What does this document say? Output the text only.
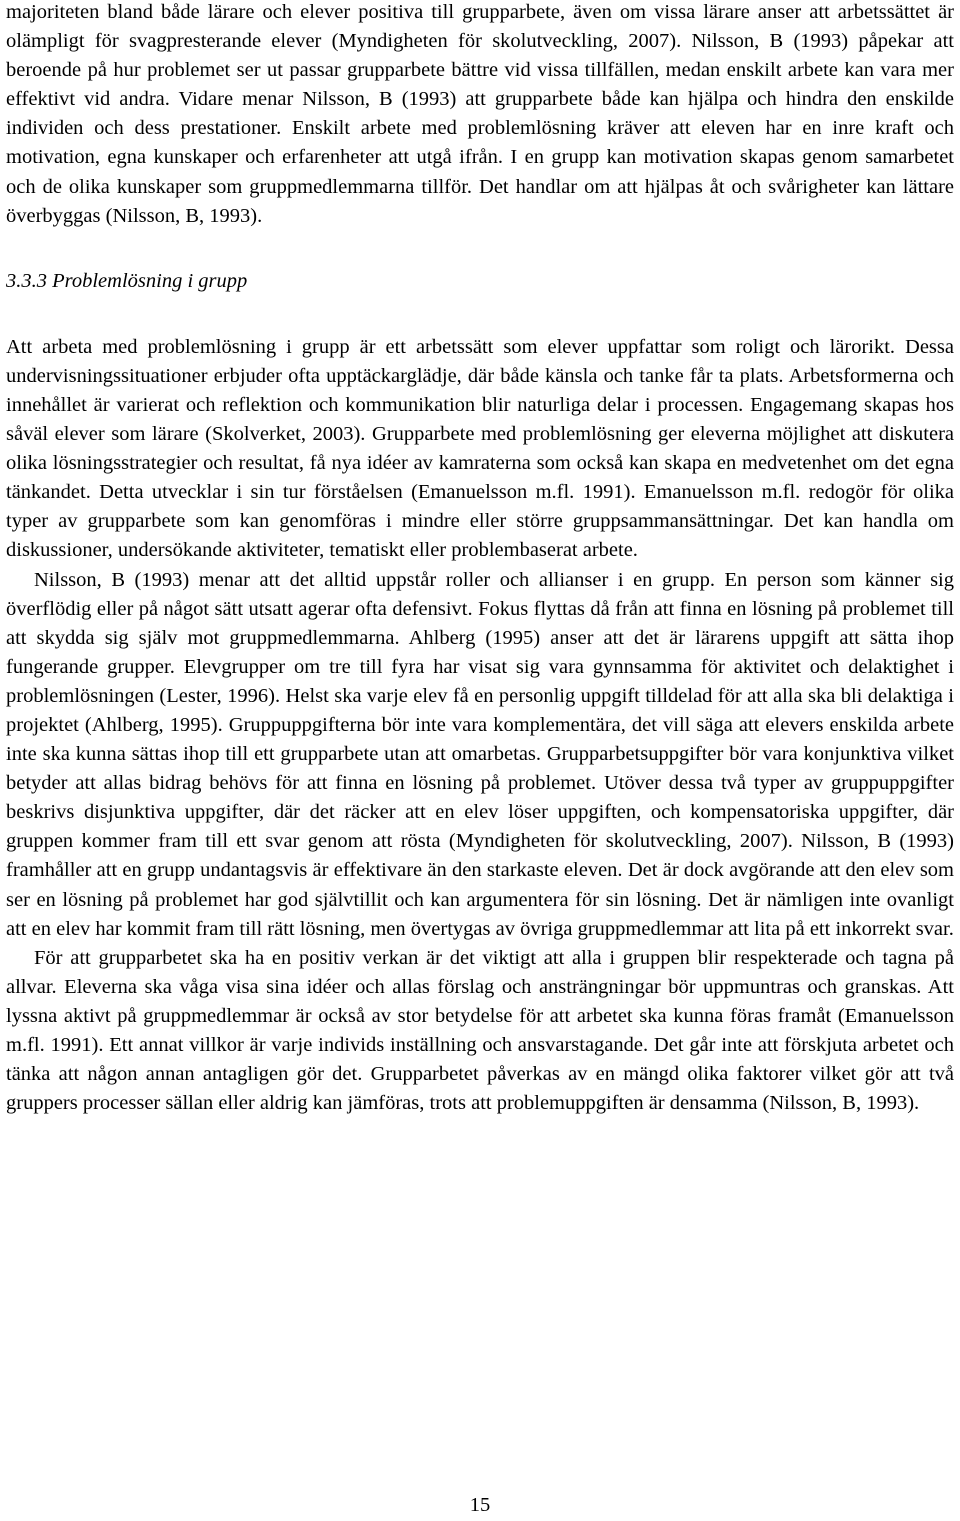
majoriteten bland både lärare och elever positiva till grupparbete, även om vissa lärare anser att arbetssättet är olämpligt för svagpresterande elever (Myndigheten för skolutveckling, 2007). Nilsson, B (1993) påpekar att beroende på hur problemet ser ut passar grupparbete bättre vid vissa tillfällen, medan enskilt arbete kan vara mer effektivt vid andra. Vidare menar Nilsson, B (1993) att grupparbete både kan hjälpa och hindra den enskilde individen och dess prestationer. Enskilt arbete med problemlösning kräver att eleven har en inre kraft och motivation, egna kunskaper och erfarenheter att utgå ifrån. I en grupp kan motivation skapas genom samarbetet och de olika kunskaper som gruppmedlemmarna tillför. Det handlar om att hjälpas åt och svårigheter kan lättare överbyggas (Nilsson, B, 1993).

3.3.3 Problemlösning i grupp

Att arbeta med problemlösning i grupp är ett arbetssätt som elever uppfattar som roligt och lärorikt. Dessa undervisningssituationer erbjuder ofta upptäckarglädje, där både känsla och tanke får ta plats. Arbetsformerna och innehållet är varierat och reflektion och kommunikation blir naturliga delar i processen. Engagemang skapas hos såväl elever som lärare (Skolverket, 2003). Grupparbete med problemlösning ger eleverna möjlighet att diskutera olika lösningsstrategier och resultat, få nya idéer av kamraterna som också kan skapa en medvetenhet om det egna tänkandet. Detta utvecklar i sin tur förståelsen (Emanuelsson m.fl. 1991). Emanuelsson m.fl. redogör för olika typer av grupparbete som kan genomföras i mindre eller större gruppsammansättningar. Det kan handla om diskussioner, undersökande aktiviteter, tematiskt eller problembaserat arbete.

Nilsson, B (1993) menar att det alltid uppstår roller och allianser i en grupp. En person som känner sig överflödig eller på något sätt utsatt agerar ofta defensivt. Fokus flyttas då från att finna en lösning på problemet till att skydda sig själv mot gruppmedlemmarna. Ahlberg (1995) anser att det är lärarens uppgift att sätta ihop fungerande grupper. Elevgrupper om tre till fyra har visat sig vara gynnsamma för aktivitet och delaktighet i problemlösningen (Lester, 1996). Helst ska varje elev få en personlig uppgift tilldelad för att alla ska bli delaktiga i projektet (Ahlberg, 1995). Gruppuppgifterna bör inte vara komplementära, det vill säga att elevers enskilda arbete inte ska kunna sättas ihop till ett grupparbete utan att omarbetas. Grupparbetsuppgifter bör vara konjunktiva vilket betyder att allas bidrag behövs för att finna en lösning på problemet. Utöver dessa två typer av gruppuppgifter beskrivs disjunktiva uppgifter, där det räcker att en elev löser uppgiften, och kompensatoriska uppgifter, där gruppen kommer fram till ett svar genom att rösta (Myndigheten för skolutveckling, 2007). Nilsson, B (1993) framhåller att en grupp undantagsvis är effektivare än den starkaste eleven. Det är dock avgörande att den elev som ser en lösning på problemet har god självtillit och kan argumentera för sin lösning. Det är nämligen inte ovanligt att en elev har kommit fram till rätt lösning, men övertygas av övriga gruppmedlemmar att lita på ett inkorrekt svar.

För att grupparbetet ska ha en positiv verkan är det viktigt att alla i gruppen blir respekterade och tagna på allvar. Eleverna ska våga visa sina idéer och allas förslag och ansträngningar bör uppmuntras och granskas. Att lyssna aktivt på gruppmedlemmar är också av stor betydelse för att arbetet ska kunna föras framåt (Emanuelsson m.fl. 1991). Ett annat villkor är varje individs inställning och ansvarstagande. Det går inte att förskjuta arbetet och tänka att någon annan antagligen gör det. Grupparbetet påverkas av en mängd olika faktorer vilket gör att två gruppers processer sällan eller aldrig kan jämföras, trots att problemuppgiften är densamma (Nilsson, B, 1993).

15
